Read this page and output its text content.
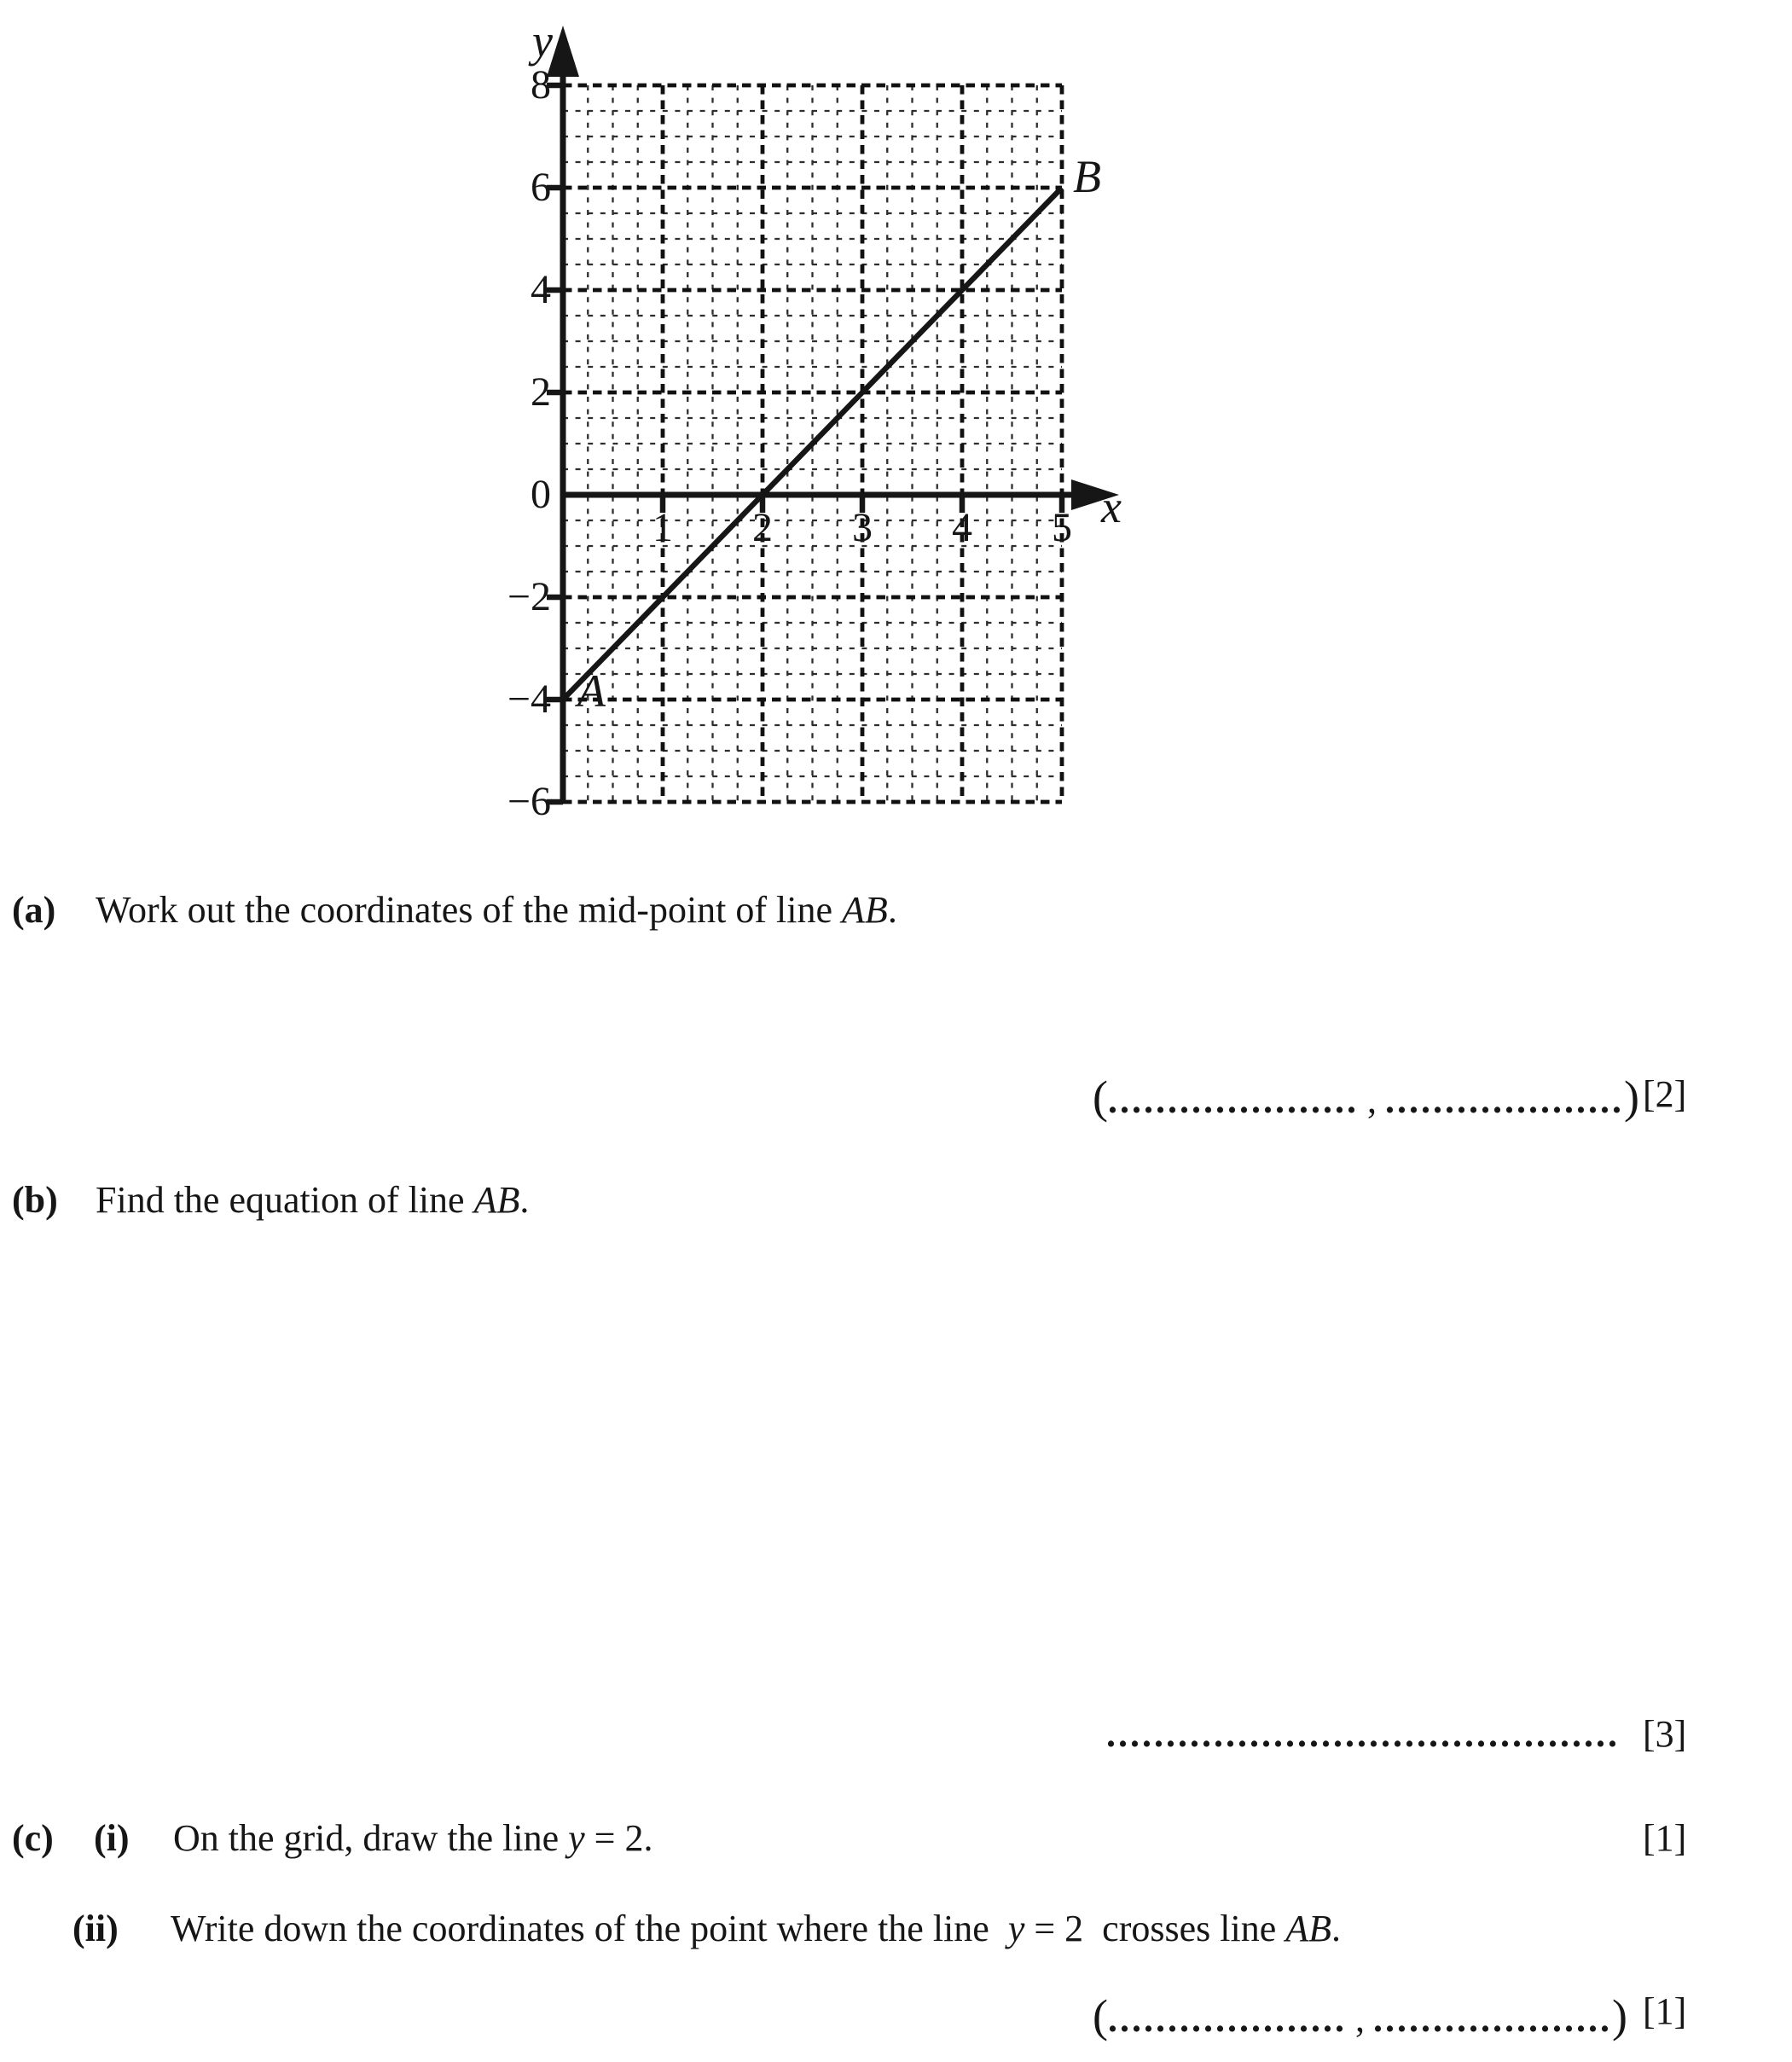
8
6
4
2
0
−2
−4
−6
1 2 3 4 5
y
x
A
B
(a) Work out the coordinates of the mid-point of line AB.
(..................... , ....................) [2]
(b) Find the equation of line AB.
........................................... [3]
(c) (i) On the grid, draw the line y = 2.	[1]
(ii) Write down the coordinates of the point where the line  y = 2  crosses line AB.
(.................... , ....................) [1]
